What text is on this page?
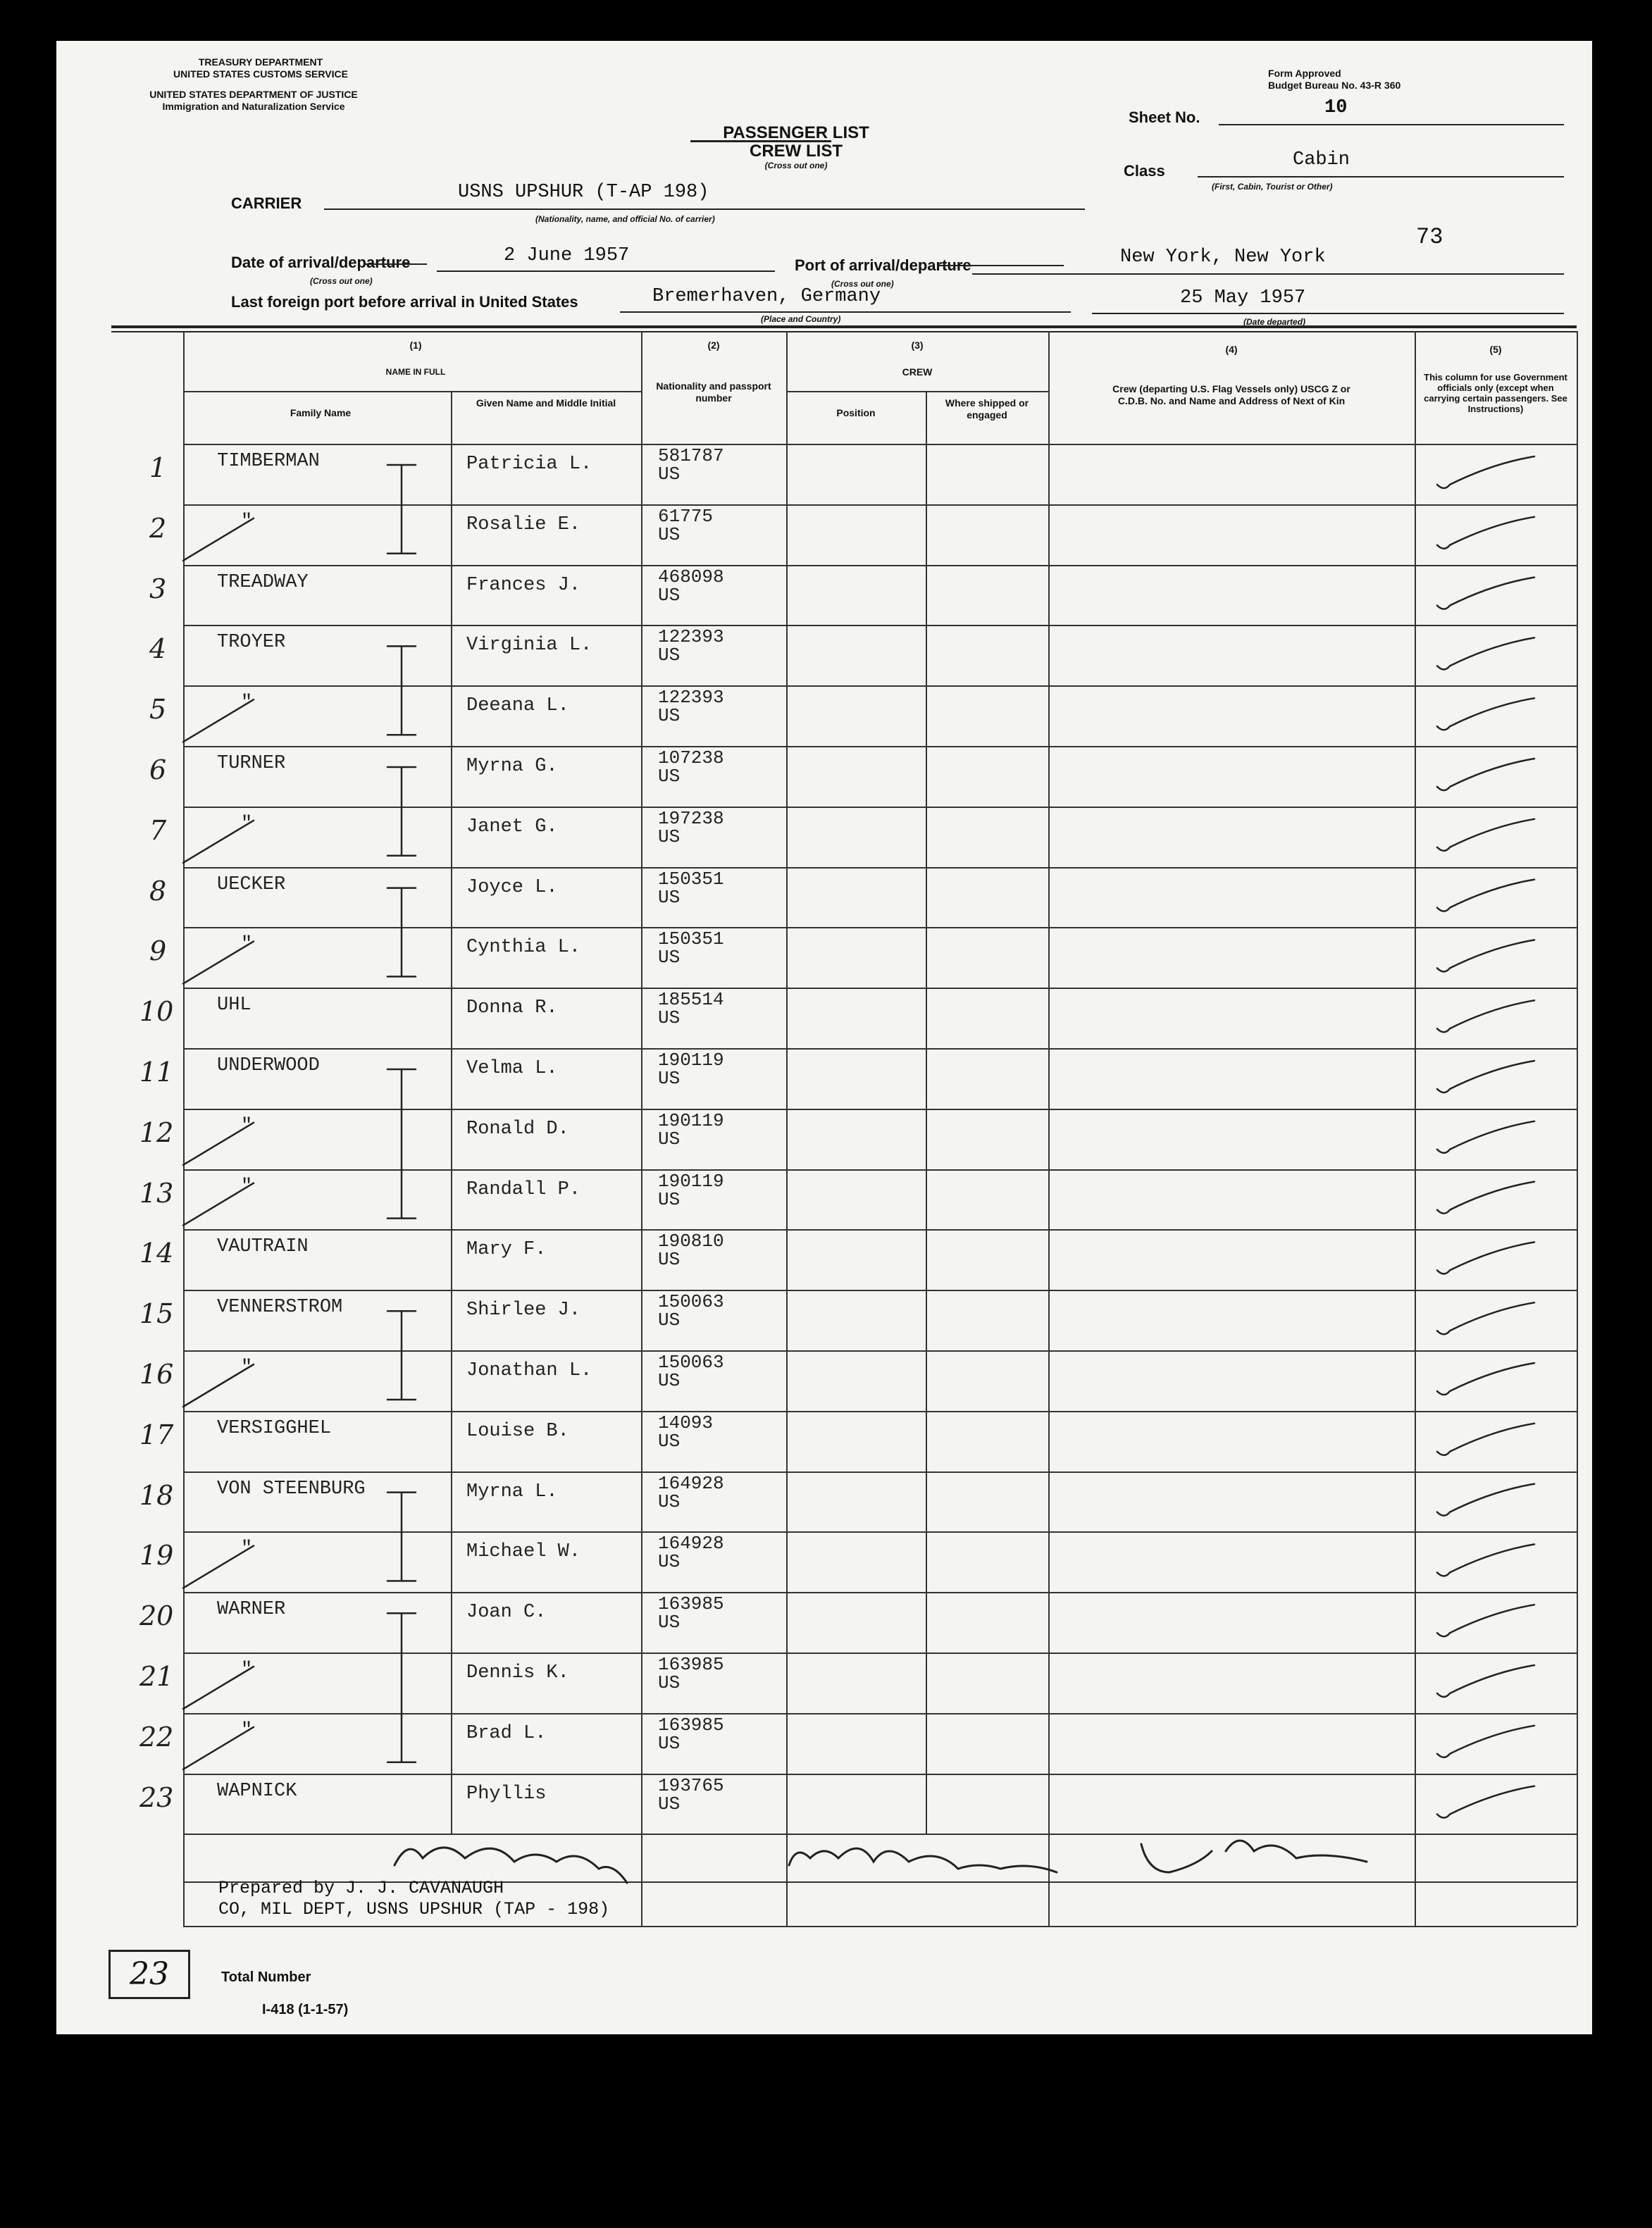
TREASURY DEPARTMENT
UNITED STATES CUSTOMS SERVICE
UNITED STATES DEPARTMENT OF JUSTICE
Immigration and Naturalization Service
Form Approved
Budget Bureau No. 43-R 360
PASSENGER LIST
CREW LIST
(Cross out one)
Sheet No.	10
Class
Cabin
(First, Cabin, Tourist or Other)
73
CARRIER
USNS UPSHUR (T-AP 198)
(Nationality, name, and official No. of carrier)
Date of arrival/departure	2 June 1957
(Cross out one)
Port of arrival/departure	New York, New York
(Cross out one)
Last foreign port before arrival in United States	Bremerhaven, Germany
(Place and Country)
25 May 1957
(Date departed)
(1)
NAME IN FULL
Family Name
Given Name and Middle Initial
(2)
Nationality and passport number
(3)
CREW
Position
Where shipped or engaged
(4)
Crew (departing U.S. Flag Vessels only) USCG Z or C.D.B. No. and Name and Address of Next of Kin
(5)
This column for use Government officials only (except when carrying certain passengers. See Instructions)
1	TIMBERMAN	Patricia L.	581787
US
2	"	Rosalie E.	61775
US
3	TREADWAY	Frances J.	468098
US
4	TROYER	Virginia L.	122393
US
5	"	Deeana L.	122393
US
6	TURNER	Myrna G.	107238
US
7	"	Janet G.	197238
US
8	UECKER	Joyce L.	150351
US
9	"	Cynthia L.	150351
US
10 UHL	Donna R.	185514
US
11 UNDERWOOD	Velma L.	190119
US
12	"	Ronald D.	190119
US
13	"	Randall P.	190119
US
14 VAUTRAIN	Mary F.	190810
US
15 VENNERSTROM	Shirlee J.	150063
US
16	"	Jonathan L.	150063
US
17 VERSIGGHEL	Louise B.	14093
US
18 VON STEENBURG	Myrna L.	164928
US
19	"	Michael W.	164928
US
20 WARNER	Joan C.	163985
US
21	"	Dennis K.	163985
US
22	"	Brad L.	163985
US
23 WAPNICK	Phyllis	193765
US
Prepared by J. J. CAVANAUGH
CO, MIL DEPT, USNS UPSHUR (TAP - 198)
23	Total Number
I-418 (1-1-57)
